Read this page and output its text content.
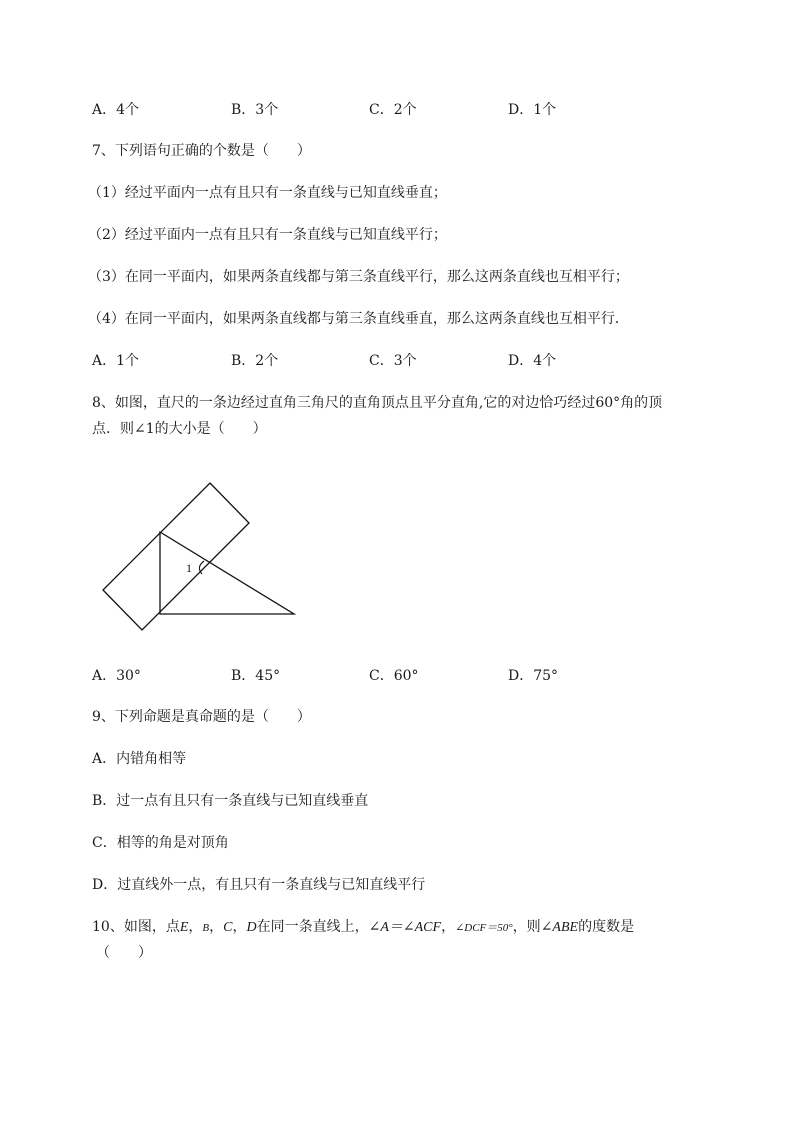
A．4个	B．3个	C．2个	D．1个
7、下列语句正确的个数是（　　）
（1）经过平面内一点有且只有一条直线与已知直线垂直；
（2）经过平面内一点有且只有一条直线与已知直线平行；
（3）在同一平面内，如果两条直线都与第三条直线平行，那么这两条直线也互相平行；
（4）在同一平面内，如果两条直线都与第三条直线垂直，那么这两条直线也互相平行．
A．1个	B．2个	C．3个	D．4个
8、如图，直尺的一条边经过直角三角尺的直角顶点且平分直角,它的对边恰巧经过60°角的顶
点．则∠1的大小是（　　）
1
A．30°	B．45°	C．60°	D．75°
9、下列命题是真命题的是（　　）
A．内错角相等
B．过一点有且只有一条直线与已知直线垂直
C．相等的角是对顶角
D．过直线外一点，有且只有一条直线与已知直线平行
10、如图，点E，B，C，D在同一条直线上，∠A＝∠ACF，∠DCF＝50°，则∠ABE的度数是
（　　）
